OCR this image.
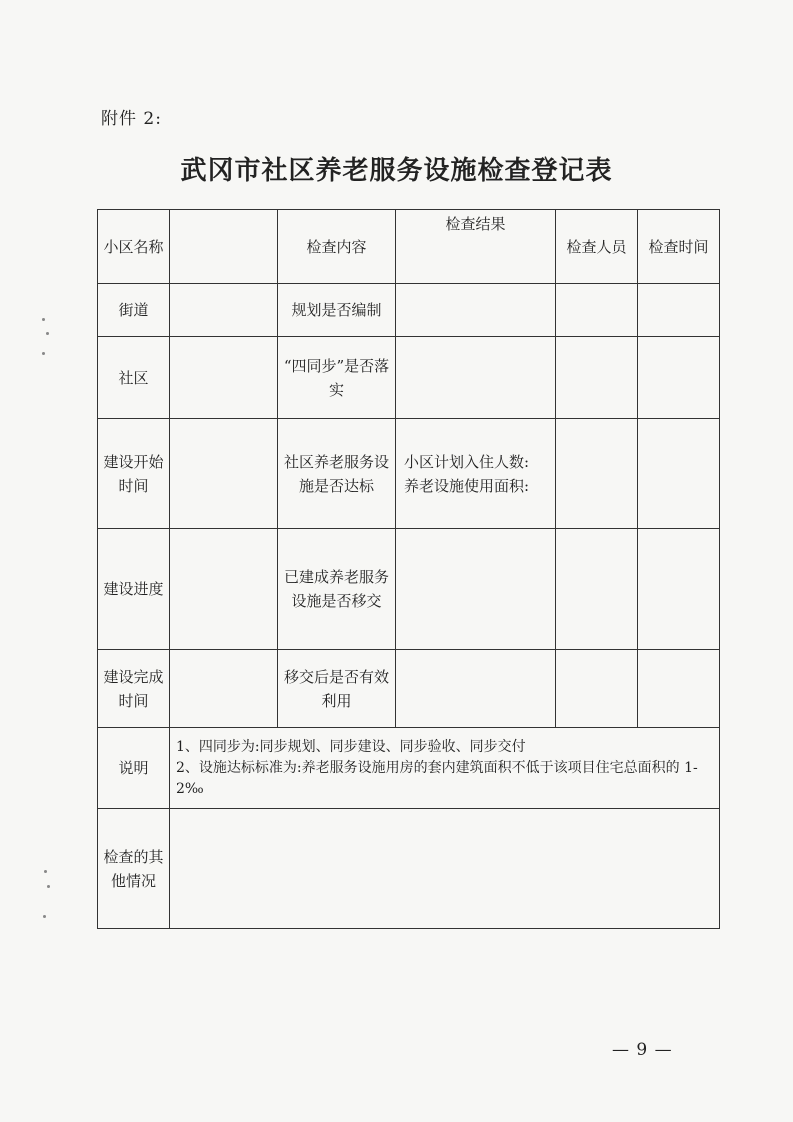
附件 2:
武冈市社区养老服务设施检查登记表
小区名称		检查内容	检查结果	检查人员	检查时间
街道		规划是否编制			
社区		“四同步”是否落实			
建设开始时间		社区养老服务设施是否达标	小区计划入住人数:
养老设施使用面积:		
建设进度		已建成养老服务设施是否移交			
建设完成时间		移交后是否有效利用			
说明	1、四同步为:同步规划、同步建设、同步验收、同步交付
2、设施达标标准为:养老服务设施用房的套内建筑面积不低于该项目住宅总面积的 1-2‰				

检查的其他情况					
— 9 —
